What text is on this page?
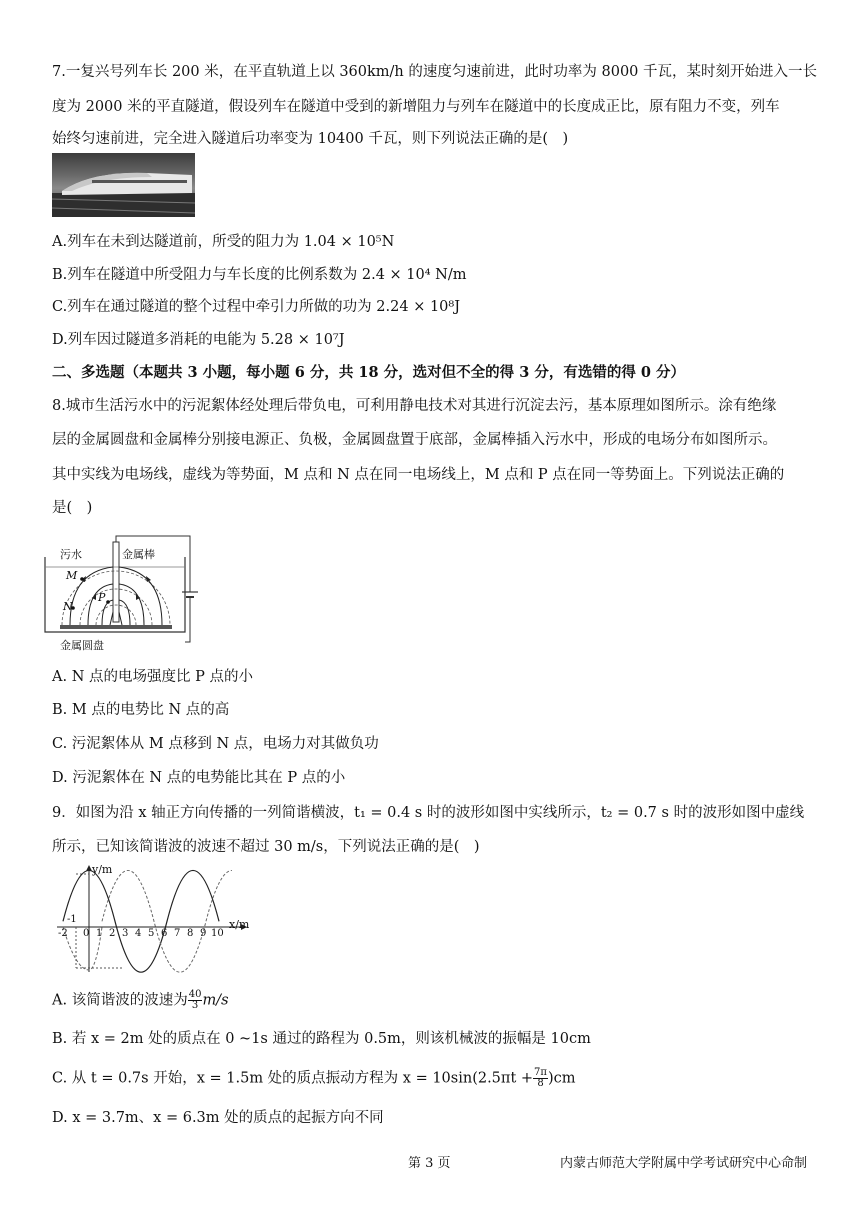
7.一复兴号列车长 200 米，在平直轨道上以 360km/h 的速度匀速前进，此时功率为 8000 千瓦，某时刻开始进入一长
度为 2000 米的平直隧道，假设列车在隧道中受到的新增阻力与列车在隧道中的长度成正比，原有阻力不变，列车
始终匀速前进，完全进入隧道后功率变为 10400 千瓦，则下列说法正确的是(　)
A.列车在未到达隧道前，所受的阻力为 1.04 × 10⁵N
B.列车在隧道中所受阻力与车长度的比例系数为 2.4 × 10⁴ N/m
C.列车在通过隧道的整个过程中牵引力所做的功为 2.24 × 10⁸J
D.列车因过隧道多消耗的电能为 5.28 × 10⁷J
二、多选题（本题共 3 小题，每小题 6 分，共 18 分，选对但不全的得 3 分，有选错的得 0 分）
8.城市生活污水中的污泥絮体经处理后带负电，可利用静电技术对其进行沉淀去污，基本原理如图所示。涂有绝缘
层的金属圆盘和金属棒分别接电源正、负极，金属圆盘置于底部，金属棒插入污水中，形成的电场分布如图所示。
其中实线为电场线，虚线为等势面，M 点和 N 点在同一电场线上，M 点和 P 点在同一等势面上。下列说法正确的
是(　)
污水	金属棒
金属圆盘
M
N
P
A. N 点的电场强度比 P 点的小
B. M 点的电势比 N 点的高
C. 污泥絮体从 M 点移到 N 点，电场力对其做负功
D. 污泥絮体在 N 点的电势能比其在 P 点的小
9．如图为沿 x 轴正方向传播的一列简谐横波，t₁ = 0.4 s 时的波形如图中实线所示，t₂ = 0.7 s 时的波形如图中虚线
所示，已知该简谐波的波速不超过 30 m/s，下列说法正确的是(　)
y/m
x/m
-1
-2 0 1 2 3 4 5 6 7 8 9 10
A. 该简谐波的波速为 $\frac{40}{3} m/s$
B. 若 x = 2m 处的质点在 0 ~1s 通过的路程为 0.5m，则该机械波的振幅是 10cm
C. 从 t = 0.7s 开始，x = 1.5m 处的质点振动方程为 $x = 10\sin(2.5\pi t + \frac{7\pi}{8} )cm$
D. x = 3.7m、x = 6.3m 处的质点的起振方向不同
第 3 页	内蒙古师范大学附属中学考试研究中心命制
